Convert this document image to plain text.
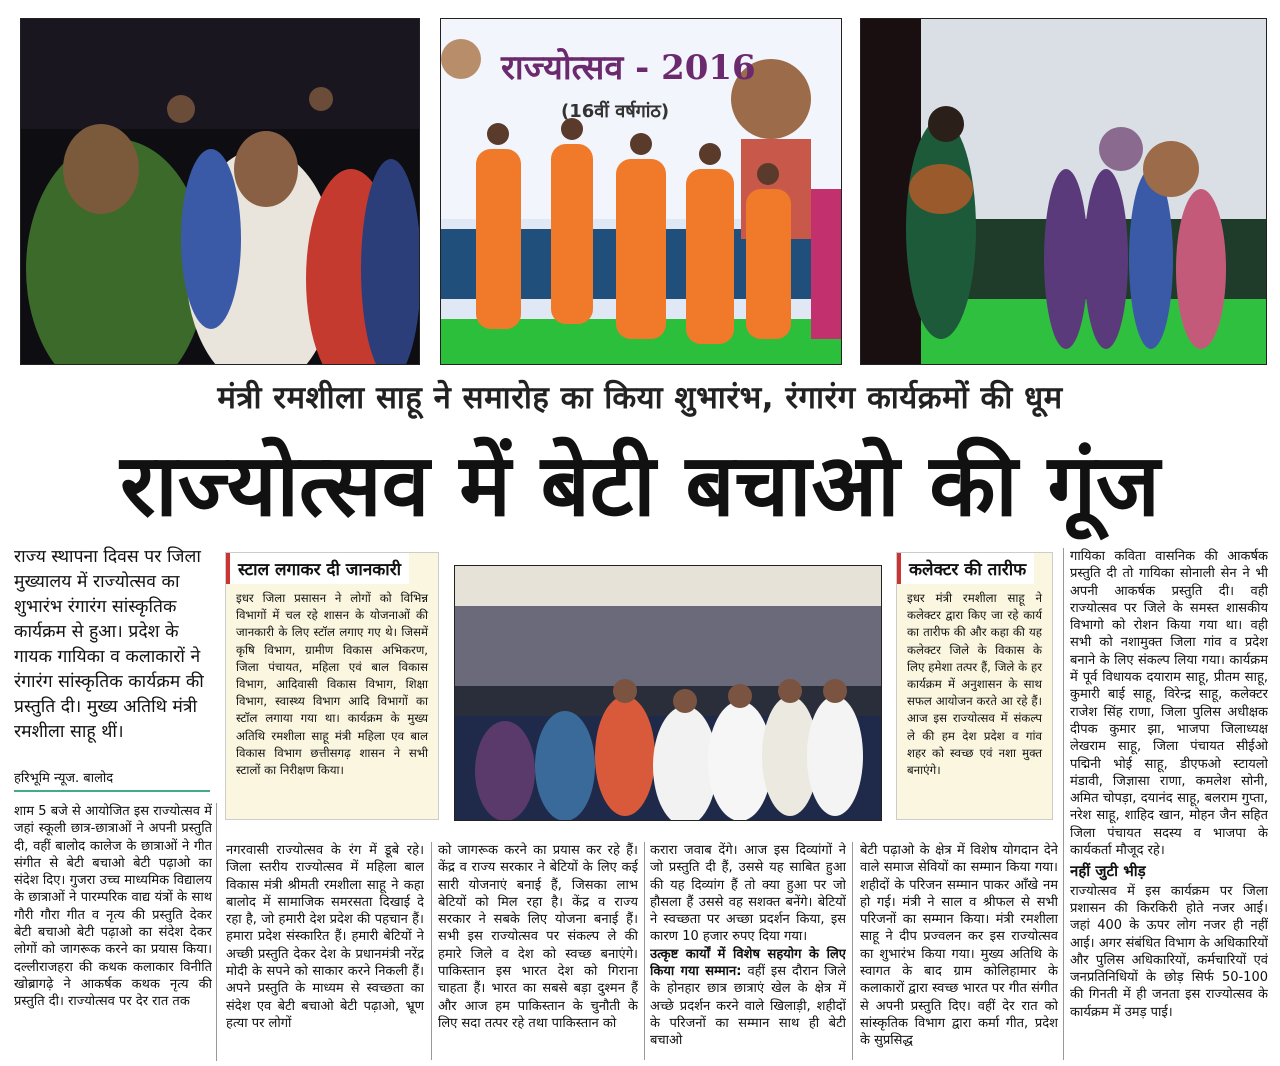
राज्योत्सव - 2016
(16वीं वर्षगांठ)
मंत्री रमशीला साहू ने समारोह का किया शुभारंभ, रंगारंग कार्यक्रमों की धूम
राज्योत्सव में बेटी बचाओ की गूंज
राज्य स्थापना दिवस पर जिला मुख्यालय में राज्योत्सव का शुभारंभ रंगारंग सांस्कृतिक कार्यक्रम से हुआ। प्रदेश के गायक गायिका व कलाकारों ने रंगारंग सांस्कृतिक कार्यक्रम की प्रस्तुति दी। मुख्य अतिथि मंत्री रमशीला साहू थीं।
हरिभूमि न्यूज. बालोद
स्टाल लगाकर दी जानकारी
इधर जिला प्रसासन ने लोगों को विभिन्न विभागों में चल रहे शासन के योजनाओं की जानकारी के लिए स्टॉल लगाए गए थे। जिसमें कृषि विभाग, ग्रामीण विकास अभिकरण, जिला पंचायत, महिला एवं बाल विकास विभाग, आदिवासी विकास विभाग, शिक्षा विभाग, स्वास्थ्य विभाग आदि विभागों का स्टॉल लगाया गया था। कार्यक्रम के मुख्य अतिथि रमशीला साहू मंत्री महिला एव बाल विकास विभाग छत्तीसगढ़ शासन ने सभी स्टालों का निरीक्षण किया।
कलेक्टर की तारीफ
इधर मंत्री रमशीला साहू ने कलेक्टर द्वारा किए जा रहे कार्य का तारीफ की और कहा की यह कलेक्टर जिले के विकास के लिए हमेशा तत्पर हैं, जिले के हर कार्यक्रम में अनुशासन के साथ सफल आयोजन करते आ रहे हैं। आज इस राज्योत्सव में संकल्प ले की हम देश प्रदेश व गांव शहर को स्वच्छ एवं नशा मुक्त बनाएंगे।
शाम 5 बजे से आयोजित इस राज्योत्सव में जहां स्कूली छात्र-छात्राओं ने अपनी प्रस्तुति दी, वहीं बालोद कालेज के छात्राओं ने गीत संगीत से बेटी बचाओ बेटी पढ़ाओ का संदेश दिए। गुजरा उच्च माध्यमिक विद्यालय के छात्राओं ने पारम्परिक वाद्य यंत्रों के साथ गौरी गौरा गीत व नृत्य की प्रस्तुति देकर बेटी बचाओ बेटी पढ़ाओ का संदेश देकर लोगों को जागरूक करने का प्रयास किया। दल्लीराजहरा की कथक कलाकार विनीति खोब्रागढ़े ने आकर्षक कथक नृत्य की प्रस्तुति दी। राज्योत्सव पर देर रात तक
नगरवासी राज्योत्सव के रंग में डूबे रहे। जिला स्तरीय राज्योत्सव में महिला बाल विकास मंत्री श्रीमती रमशीला साहू ने कहा बालोद में सामाजिक समरसता दिखाई दे रहा है, जो हमारी देश प्रदेश की पहचान हैं। हमारा प्रदेश संस्कारित हैं। हमारी बेटियों ने अच्छी प्रस्तुति देकर देश के प्रधानमंत्री नरेंद्र मोदी के सपने को साकार करने निकली हैं। अपने प्रस्तुति के माध्यम से स्वच्छता का संदेश एव बेटी बचाओ बेटी पढ़ाओ, भ्रूण हत्या पर लोगों
को जागरूक करने का प्रयास कर रहे हैं। केंद्र व राज्य सरकार ने बेटियों के लिए कई सारी योजनाएं बनाई हैं, जिसका लाभ बेटियों को मिल रहा है। केंद्र व राज्य सरकार ने सबके लिए योजना बनाई हैं। सभी इस राज्योत्सव पर संकल्प ले की हमारे जिले व देश को स्वच्छ बनाएंगे। पाकिस्तान इस भारत देश को गिराना चाहता हैं। भारत का सबसे बड़ा दुश्मन हैं और आज हम पाकिस्तान के चुनौती के लिए सदा तत्पर रहे तथा पाकिस्तान को

करारा जवाब देंगे। आज इस दिव्यांगों ने जो प्रस्तुति दी हैं, उससे यह साबित हुआ की यह दिव्यांग हैं तो क्या हुआ पर जो हौसला हैं उससे वह सशक्त बनेंगे। बेटियों ने स्वच्छता पर अच्छा प्रदर्शन किया, इस कारण 10 हजार रुपए दिया गया।

उत्कृष्ट कार्यों में विशेष सहयोग के लिए किया गया सम्मान: वहीं इस दौरान जिले के होनहार छात्र छात्राएं खेल के क्षेत्र में अच्छे प्रदर्शन करने वाले खिलाड़ी, शहीदों के परिजनों का सम्मान साथ ही बेटी बचाओ

बेटी पढ़ाओ के क्षेत्र में विशेष योगदान देने वाले समाज सेवियों का सम्मान किया गया। शहीदों के परिजन सम्मान पाकर आँखे नम हो गई। मंत्री ने साल व श्रीफल से सभी परिजनों का सम्मान किया। मंत्री रमशीला साहू ने दीप प्रज्वलन कर इस राज्योत्सव का शुभारंभ किया गया। मुख्य अतिथि के स्वागत के बाद ग्राम कोलिहामार के कलाकारों द्वारा स्वच्छ भारत पर गीत संगीत से अपनी प्रस्तुति दिए। वहीं देर रात को सांस्कृतिक विभाग द्वारा कर्मा गीत, प्रदेश के सुप्रसिद्ध

गायिका कविता वासनिक की आकर्षक प्रस्तुति दी तो गायिका सोनाली सेन ने भी अपनी आकर्षक प्रस्तुति दी। वही राज्योत्सव पर जिले के समस्त शासकीय विभागो को रोशन किया गया था। वही सभी को नशामुक्त जिला गांव व प्रदेश बनाने के लिए संकल्प लिया गया। कार्यक्रम में पूर्व विधायक दयाराम साहू, प्रीतम साहू, कुमारी बाई साहू, विरेन्द्र साहू, कलेक्टर राजेश सिंह राणा, जिला पुलिस अधीक्षक दीपक कुमार झा, भाजपा जिलाध्यक्ष लेखराम साहू, जिला पंचायत सीईओ पद्मिनी भोई साहू, डीएफओ स्टायलो मंडावी, जिज्ञासा राणा, कमलेश सोनी, अमित चोपड़ा, दयानंद साहू, बलराम गुप्ता, नरेश साहू, शाहिद खान, मोहन जैन सहित जिला पंचायत सदस्य व भाजपा के कार्यकर्ता मौजूद रहे।

नहीं जुटी भीड़

राज्योत्सव में इस कार्यक्रम पर जिला प्रशासन की किरकिरी होते नजर आई। जहां 400 के ऊपर लोग नजर ही नहीं आई। अगर संबंधित विभाग के अधिकारियों और पुलिस अधिकारियों, कर्मचारियों एवं जनप्रतिनिधियों के छोड़ सिर्फ 50-100 की गिनती में ही जनता इस राज्योत्सव के कार्यक्रम में उमड़ पाई।
